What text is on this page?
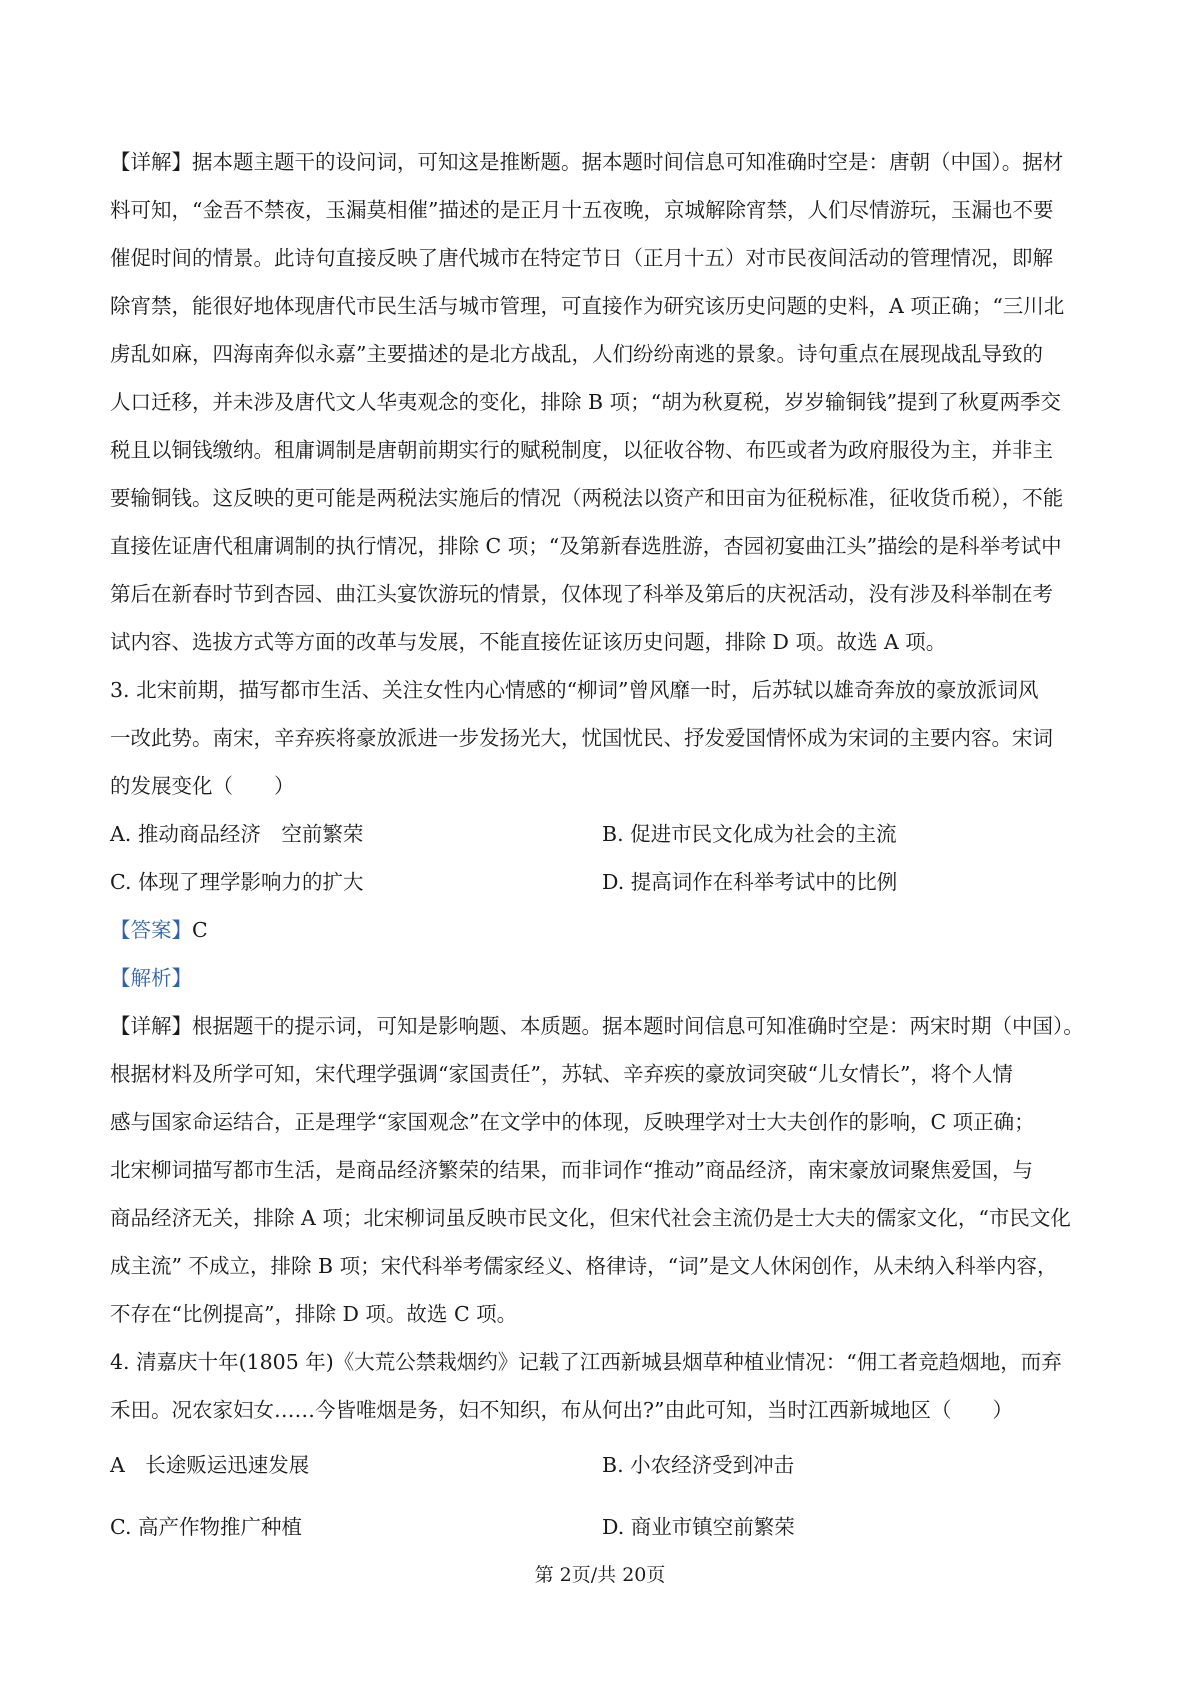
【详解】据本题主题干的设问词，可知这是推断题。据本题时间信息可知准确时空是：唐朝（中国）。据材
料可知，“金吾不禁夜，玉漏莫相催”描述的是正月十五夜晚，京城解除宵禁，人们尽情游玩，玉漏也不要
催促时间的情景。此诗句直接反映了唐代城市在特定节日（正月十五）对市民夜间活动的管理情况，即解
除宵禁，能很好地体现唐代市民生活与城市管理，可直接作为研究该历史问题的史料，A 项正确；“三川北
虏乱如麻，四海南奔似永嘉”主要描述的是北方战乱，人们纷纷南逃的景象。诗句重点在展现战乱导致的
人口迁移，并未涉及唐代文人华夷观念的变化，排除 B 项；“胡为秋夏税，岁岁输铜钱”提到了秋夏两季交
税且以铜钱缴纳。租庸调制是唐朝前期实行的赋税制度，以征收谷物、布匹或者为政府服役为主，并非主
要输铜钱。这反映的更可能是两税法实施后的情况（两税法以资产和田亩为征税标准，征收货币税），不能
直接佐证唐代租庸调制的执行情况，排除 C 项；“及第新春选胜游，杏园初宴曲江头”描绘的是科举考试中
第后在新春时节到杏园、曲江头宴饮游玩的情景，仅体现了科举及第后的庆祝活动，没有涉及科举制在考
试内容、选拔方式等方面的改革与发展，不能直接佐证该历史问题，排除 D 项。故选 A 项。
3. 北宋前期，描写都市生活、关注女性内心情感的“柳词”曾风靡一时，后苏轼以雄奇奔放的豪放派词风
一改此势。南宋，辛弃疾将豪放派进一步发扬光大，忧国忧民、抒发爱国情怀成为宋词的主要内容。宋词
的发展变化（　　）
A. 推动商品经济　空前繁荣	B. 促进市民文化成为社会的主流
C. 体现了理学影响力的扩大	D. 提高词作在科举考试中的比例
【答案】C
【解析】
【详解】根据题干的提示词，可知是影响题、本质题。据本题时间信息可知准确时空是：两宋时期（中国）。
根据材料及所学可知，宋代理学强调“家国责任”，苏轼、辛弃疾的豪放词突破“儿女情长”，将个人情
感与国家命运结合，正是理学“家国观念”在文学中的体现，反映理学对士大夫创作的影响，C 项正确；
北宋柳词描写都市生活，是商品经济繁荣的结果，而非词作“推动”商品经济，南宋豪放词聚焦爱国，与
商品经济无关，排除 A 项；北宋柳词虽反映市民文化，但宋代社会主流仍是士大夫的儒家文化，“市民文化
成主流” 不成立，排除 B 项；宋代科举考儒家经义、格律诗，“词”是文人休闲创作，从未纳入科举内容，
不存在“比例提高”，排除 D 项。故选 C 项。
4. 清嘉庆十年(1805 年)《大荒公禁栽烟约》记载了江西新城县烟草种植业情况：“佣工者竞趋烟地，而弃
禾田。况农家妇女……今皆唯烟是务，妇不知织，布从何出?”由此可知，当时江西新城地区（　　）
A　长途贩运迅速发展	B. 小农经济受到冲击
C. 高产作物推广种植	D. 商业市镇空前繁荣
第 2页/共 20页
